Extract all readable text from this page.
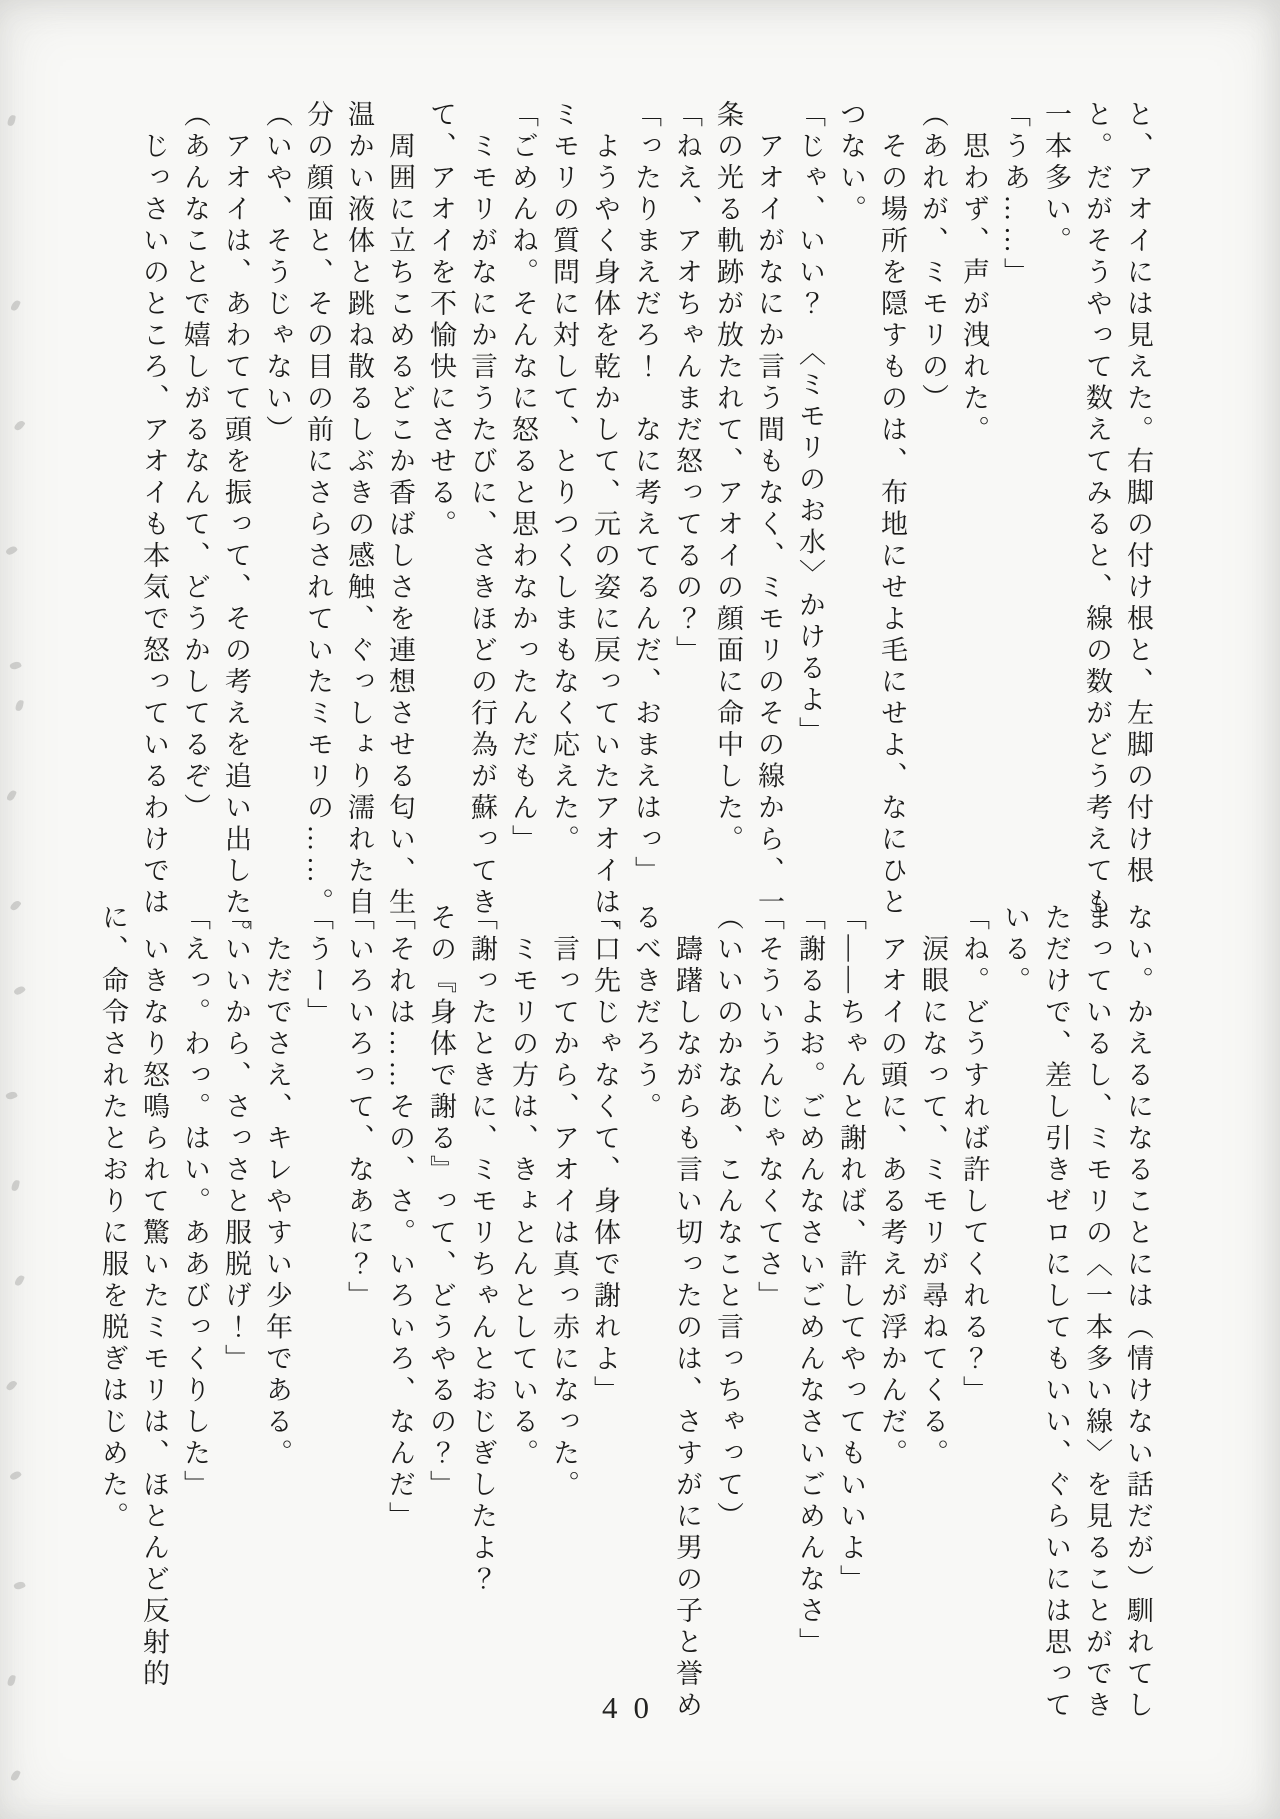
と、アオイには見えた。右脚の付け根と、左脚の付け根
と。だがそうやって数えてみると、線の数がどう考えても
一本多い。
「うあ……」
　思わず、声が洩れた。
（あれが、ミモリの）
　その場所を隠すものは、布地にせよ毛にせよ、なにひと
つない。
「じゃ、いい？　〈ミモリのお水〉かけるよ」
　アオイがなにか言う間もなく、ミモリのその線から、一
条の光る軌跡が放たれて、アオイの顔面に命中した。
「ねえ、アオちゃんまだ怒ってるの？」
「ったりまえだろ！　なに考えてるんだ、おまえはっ」
　ようやく身体を乾かして、元の姿に戻っていたアオイは、
ミモリの質問に対して、とりつくしまもなく応えた。
「ごめんね。そんなに怒ると思わなかったんだもん」
　ミモリがなにか言うたびに、さきほどの行為が蘇ってき
て、アオイを不愉快にさせる。
　周囲に立ちこめるどこか香ばしさを連想させる匂い、生
温かい液体と跳ね散るしぶきの感触、ぐっしょり濡れた自
分の顔面と、その目の前にさらされていたミモリの……。
（いや、そうじゃない）
　アオイは、あわてて頭を振って、その考えを追い出した。
（あんなことで嬉しがるなんて、どうかしてるぞ）
　じっさいのところ、アオイも本気で怒っているわけでは
ない。かえるになることには（情けない話だが）馴れてし
まっているし、ミモリの〈一本多い線〉を見ることができ
ただけで、差し引きゼロにしてもいい、ぐらいには思って
いる。
「ね。どうすれば許してくれる？」
　涙眼になって、ミモリが尋ねてくる。
　アオイの頭に、ある考えが浮かんだ。
「――ちゃんと謝れば、許してやってもいいよ」
「謝るよお。ごめんなさいごめんなさいごめんなさ」
「そういうんじゃなくてさ」
（いいのかなあ、こんなこと言っちゃって）
　躊躇しながらも言い切ったのは、さすがに男の子と誉め
るべきだろう。
「口先じゃなくて、身体で謝れよ」
　言ってから、アオイは真っ赤になった。
　ミモリの方は、きょとんとしている。
「謝ったときに、ミモリちゃんとおじぎしたよ？
その『身体で謝る』って、どうやるの？」
「それは……その、さ。いろいろ、なんだ」
「いろいろって、なあに？」
「うー」
　ただでさえ、キレやすい少年である。
「いいから、さっさと服脱げ！」
「えっ。わっ。はい。ああびっくりした」
　いきなり怒鳴られて驚いたミモリは、ほとんど反射的
に、命令されたとおりに服を脱ぎはじめた。
40
